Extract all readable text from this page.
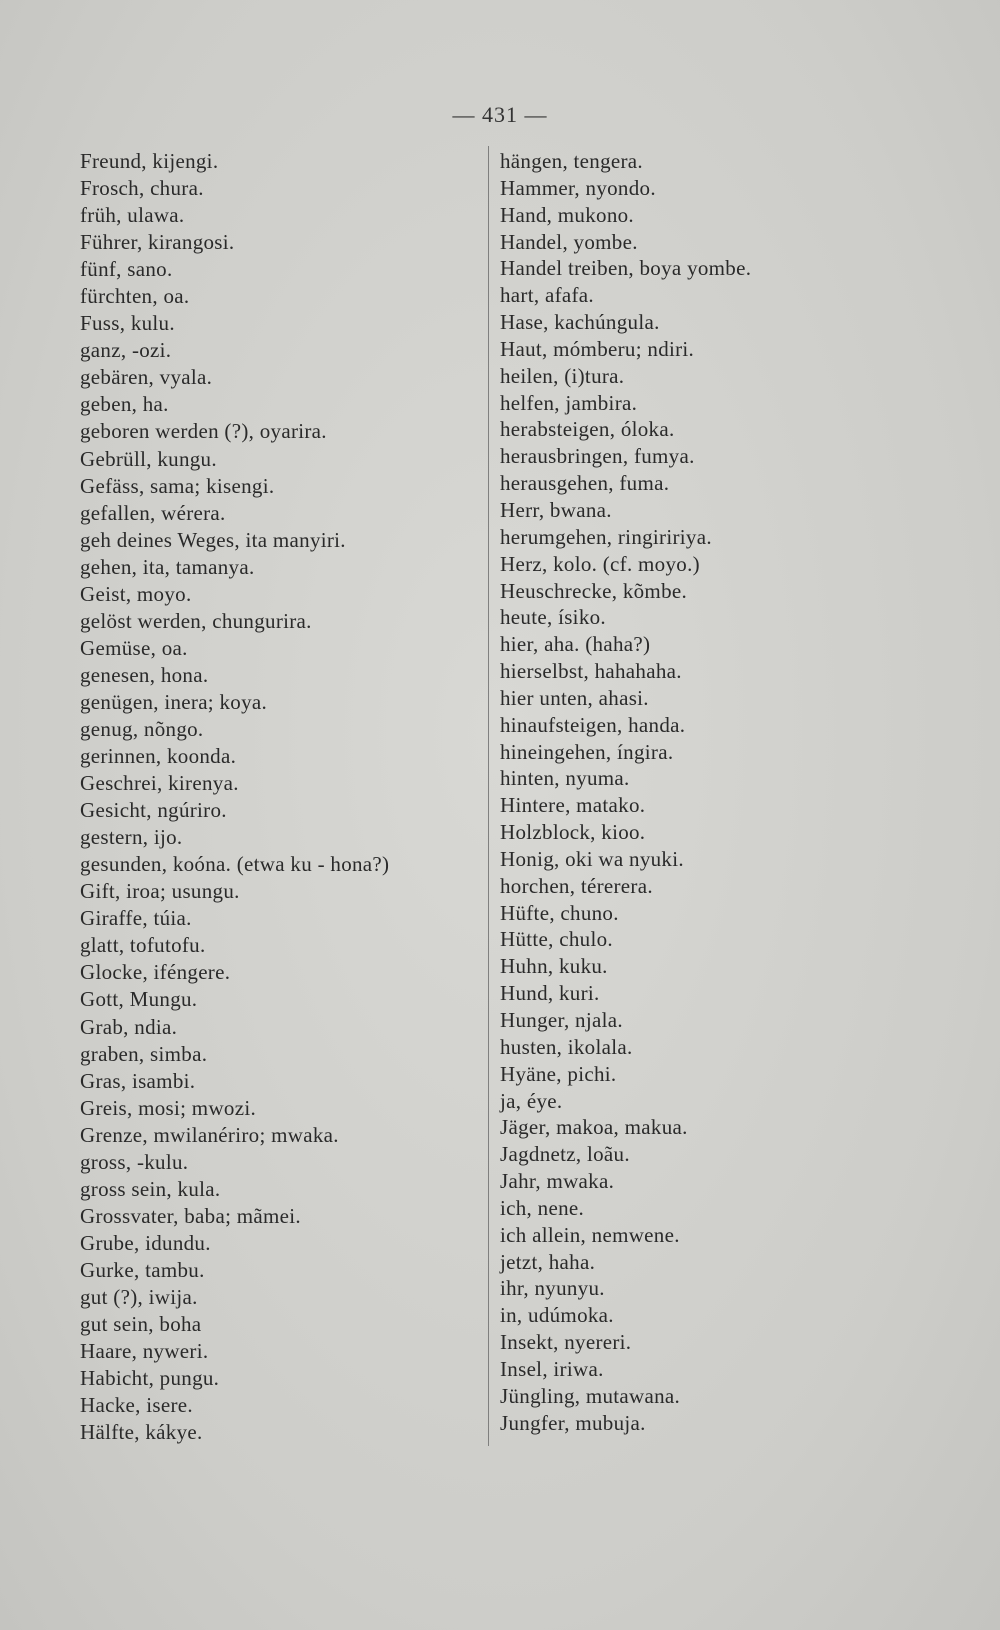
— 431 —
Freund, kijengi.
Frosch, chura.
früh, ulawa.
Führer, kirangosi.
fünf, sano.
fürchten, oa.
Fuss, kulu.
ganz, -ozi.
gebären, vyala.
geben, ha.
geboren werden (?), oyarira.
Gebrüll, kungu.
Gefäss, sama; kisengi.
gefallen, wérera.
geh deines Weges, ita manyiri.
gehen, ita, tamanya.
Geist, moyo.
gelöst werden, chungurira.
Gemüse, oa.
genesen, hona.
genügen, inera; koya.
genug, nõngo.
gerinnen, koonda.
Geschrei, kirenya.
Gesicht, ngúriro.
gestern, ijo.
gesunden, koóna. (etwa ku - hona?)
Gift, iroa; usungu.
Giraffe, túia.
glatt, tofutofu.
Glocke, iféngere.
Gott, Mungu.
Grab, ndia.
graben, simba.
Gras, isambi.
Greis, mosi; mwozi.
Grenze, mwilanériro; mwaka.
gross, -kulu.
gross sein, kula.
Grossvater, baba; mãmei.
Grube, idundu.
Gurke, tambu.
gut (?), iwija.
gut sein, boha
Haare, nyweri.
Habicht, pungu.
Hacke, isere.
Hälfte, kákye.
hängen, tengera.
Hammer, nyondo.
Hand, mukono.
Handel, yombe.
Handel treiben, boya yombe.
hart, afafa.
Hase, kachúngula.
Haut, mómberu; ndiri.
heilen, (i)tura.
helfen, jambira.
herabsteigen, óloka.
herausbringen, fumya.
herausgehen, fuma.
Herr, bwana.
herumgehen, ringiririya.
Herz, kolo. (cf. moyo.)
Heuschrecke, kõmbe.
heute, ísiko.
hier, aha. (haha?)
hierselbst, hahahaha.
hier unten, ahasi.
hinaufsteigen, handa.
hineingehen, íngira.
hinten, nyuma.
Hintere, matako.
Holzblock, kioo.
Honig, oki wa nyuki.
horchen, térerera.
Hüfte, chuno.
Hütte, chulo.
Huhn, kuku.
Hund, kuri.
Hunger, njala.
husten, ikolala.
Hyäne, pichi.
ja, éye.
Jäger, makoa, makua.
Jagdnetz, loãu.
Jahr, mwaka.
ich, nene.
ich allein, nemwene.
jetzt, haha.
ihr, nyunyu.
in, udúmoka.
Insekt, nyereri.
Insel, iriwa.
Jüngling, mutawana.
Jungfer, mubuja.
